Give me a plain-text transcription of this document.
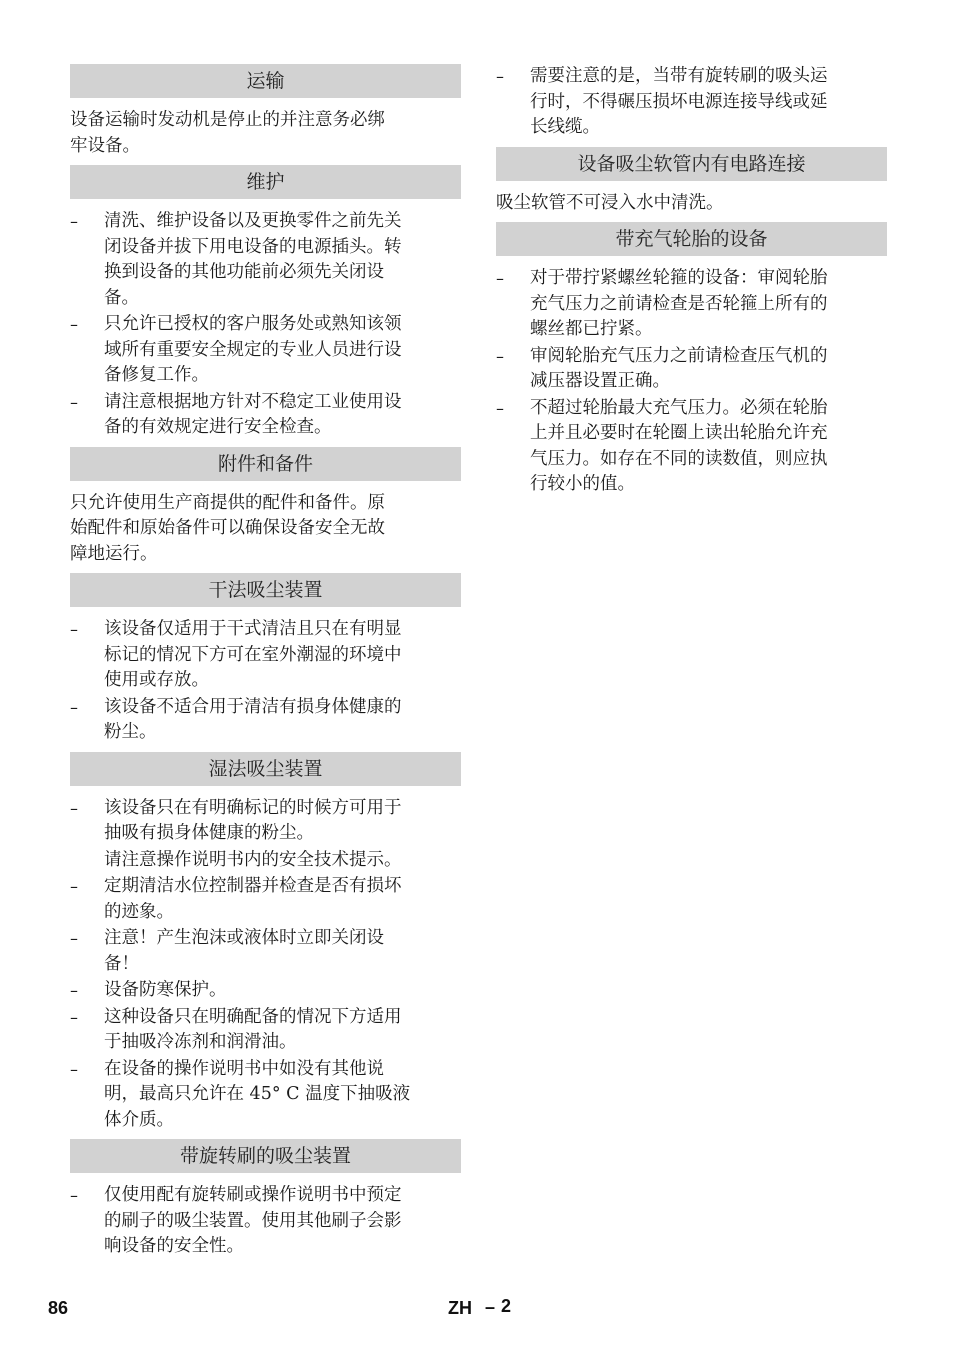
运输
设备运输时发动机是停止的并注意务必绑
牢设备。
维护
–	清洗、维护设备以及更换零件之前先关
闭设备并拔下用电设备的电源插头。转
换到设备的其他功能前必须先关闭设
备。
–	只允许已授权的客户服务处或熟知该领
域所有重要安全规定的专业人员进行设
备修复工作。
–	请注意根据地方针对不稳定工业使用设
备的有效规定进行安全检查。
附件和备件
只允许使用生产商提供的配件和备件。原
始配件和原始备件可以确保设备安全无故
障地运行。
干法吸尘装置
–	该设备仅适用于干式清洁且只在有明显
标记的情况下方可在室外潮湿的环境中
使用或存放。
–	该设备不适合用于清洁有损身体健康的
粉尘。
湿法吸尘装置
–	该设备只在有明确标记的时候方可用于
抽吸有损身体健康的粉尘。
请注意操作说明书内的安全技术提示。
–	定期清洁水位控制器并检查是否有损坏
的迹象。
–	注意！产生泡沫或液体时立即关闭设
备！
–	设备防寒保护。
–	这种设备只在明确配备的情况下方适用
于抽吸冷冻剂和润滑油。
–	在设备的操作说明书中如没有其他说
明，最高只允许在 45° C 温度下抽吸液
体介质。
带旋转刷的吸尘装置
–	仅使用配有旋转刷或操作说明书中预定
的刷子的吸尘装置。使用其他刷子会影
响设备的安全性。
–	需要注意的是，当带有旋转刷的吸头运
行时，不得碾压损坏电源连接导线或延
长线缆。
设备吸尘软管内有电路连接
吸尘软管不可浸入水中清洗。
带充气轮胎的设备
–	对于带拧紧螺丝轮箍的设备：审阅轮胎
充气压力之前请检查是否轮箍上所有的
螺丝都已拧紧。
–	审阅轮胎充气压力之前请检查压气机的
减压器设置正确。
–	不超过轮胎最大充气压力。必须在轮胎
上并且必要时在轮圈上读出轮胎允许充
气压力。如存在不同的读数值，则应执
行较小的值。
86	ZH – 2
